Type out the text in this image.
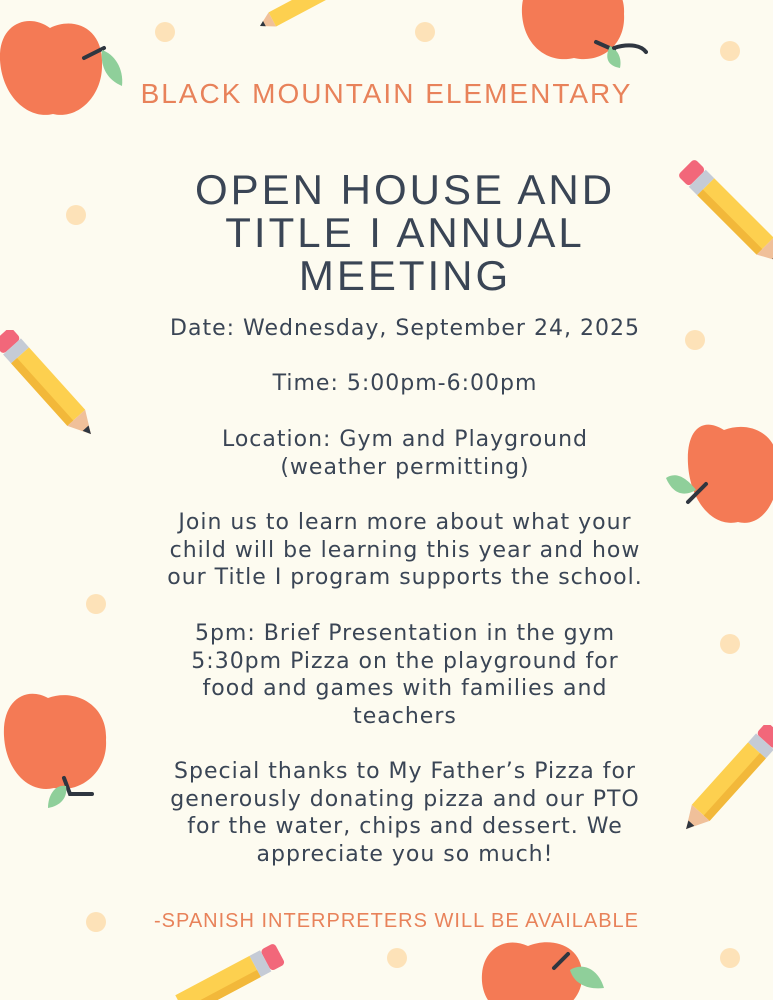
BLACK MOUNTAIN ELEMENTARY
OPEN HOUSE AND
TITLE I ANNUAL
MEETING
Date: Wednesday, September 24, 2025
Time: 5:00pm-6:00pm
Location: Gym and Playground
(weather permitting)
Join us to learn more about what your
child will be learning this year and how
our Title I program supports the school.
5pm: Brief Presentation in the gym
5:30pm Pizza on the playground for
food and games with families and
teachers
Special thanks to My Father’s Pizza for
generously donating pizza and our PTO
for the water, chips and dessert. We
appreciate you so much!
-SPANISH INTERPRETERS WILL BE AVAILABLE
